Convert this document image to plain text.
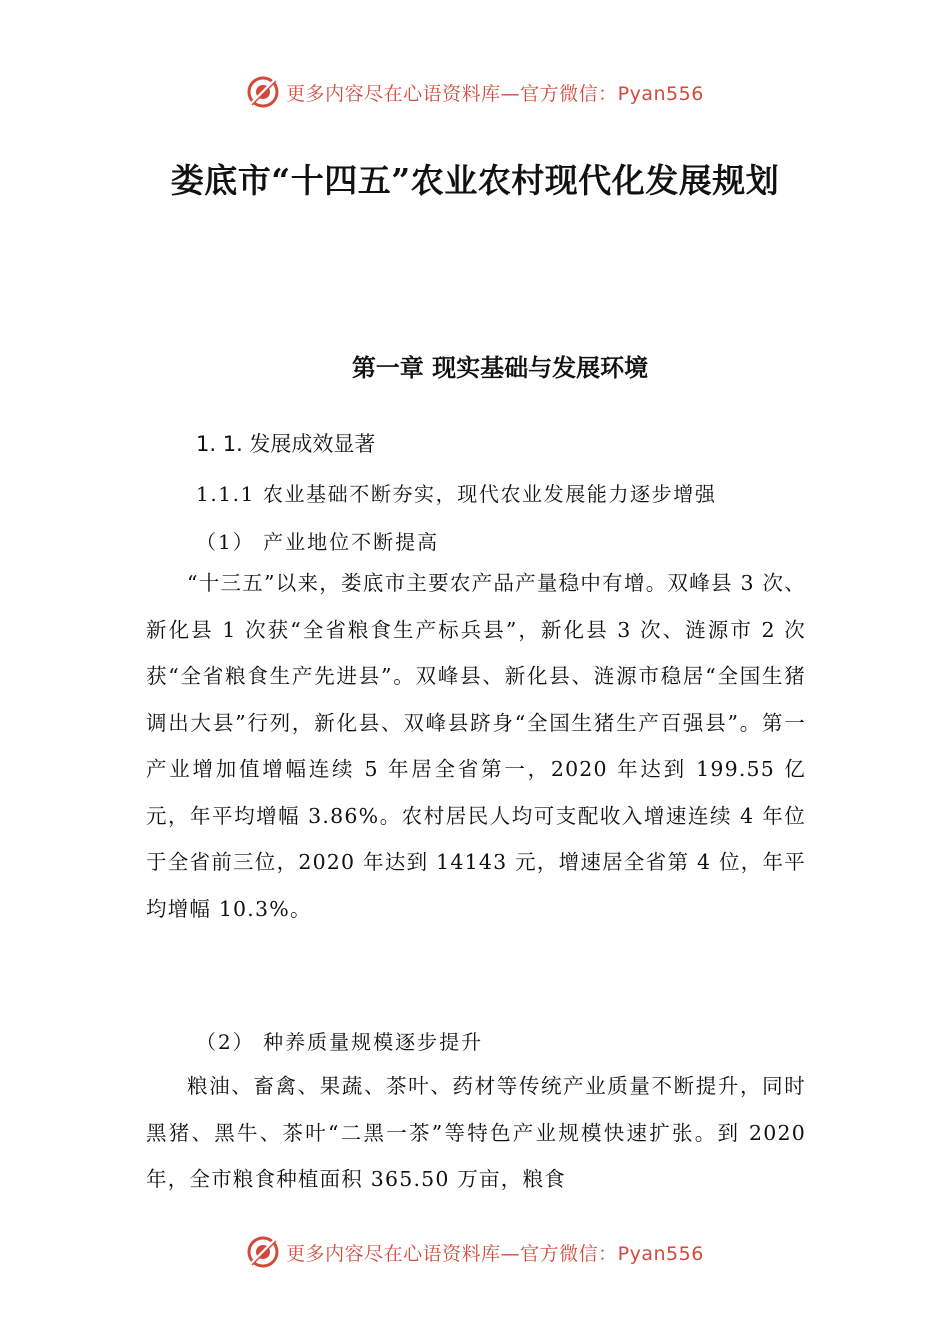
更多内容尽在心语资料库 —官方微信：Pyan556
娄底市“十四五”农业农村现代化发展规划
第一章 现实基础与发展环境
1. 1. 发展成效显著
1.1.1 农业基础不断夯实，现代农业发展能力逐步增强
（1） 产业地位不断提高
“十三五”以来，娄底市主要农产品产量稳中有增。双峰县 3 次、新化县 1 次获“全省粮食生产标兵县”，新化县 3 次、涟源市 2 次获“全省粮食生产先进县”。双峰县、新化县、涟源市稳居“全国生猪调出大县”行列，新化县、双峰县跻身“全国生猪生产百强县”。第一产业增加值增幅连续 5 年居全省第一，2020 年达到 199.55 亿元，年平均增幅 3.86%。农村居民人均可支配收入增速连续 4 年位于全省前三位，2020 年达到 14143 元，增速居全省第 4 位，年平均增幅 10.3%。
（2） 种养质量规模逐步提升
粮油、畜禽、果蔬、茶叶、药材等传统产业质量不断提升，同时黑猪、黑牛、茶叶“二黑一茶”等特色产业规模快速扩张。到 2020 年，全市粮食种植面积 365.50 万亩，粮食
更多内容尽在心语资料库 —官方微信：Pyan556
